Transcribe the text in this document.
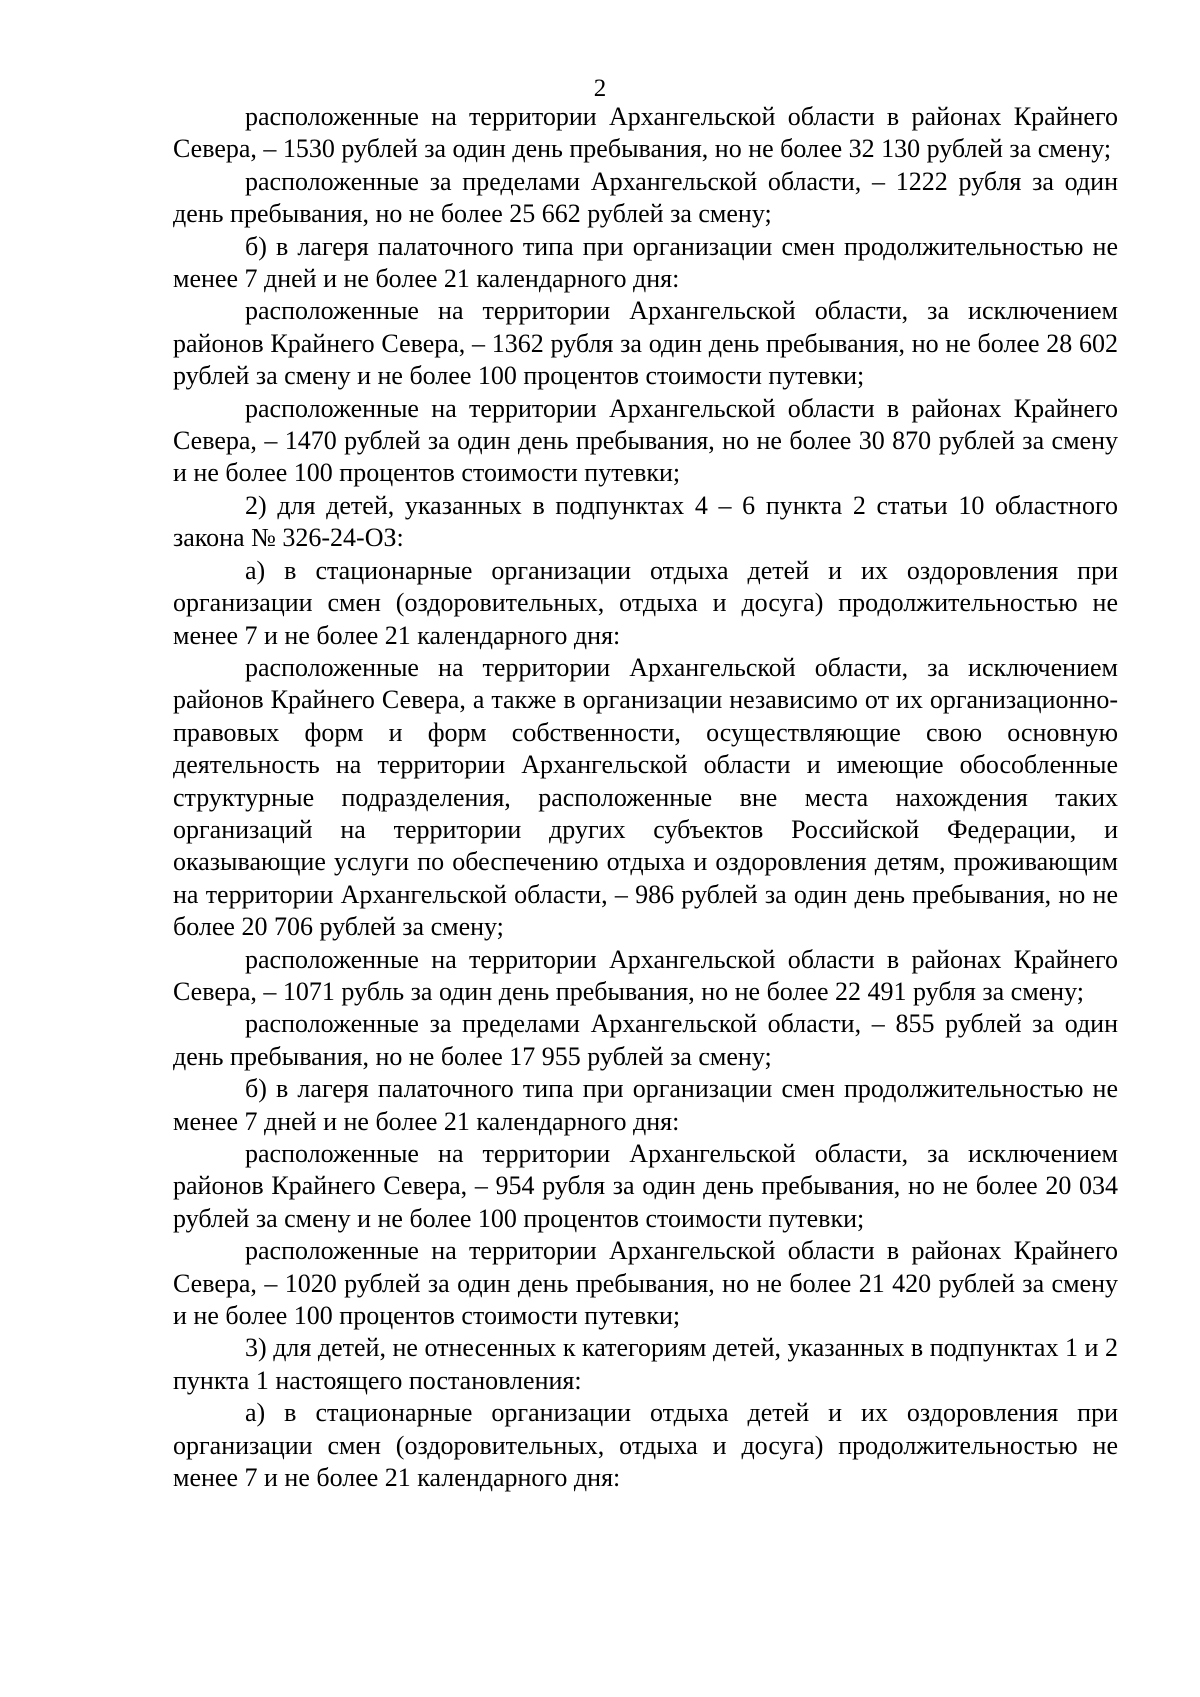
2

расположенные на территории Архангельской области в районах Крайнего Севера, – 1530 рублей за один день пребывания, но не более 32 130 рублей за смену;

расположенные за пределами Архангельской области, – 1222 рубля за один день пребывания, но не более 25 662 рублей за смену;

б) в лагеря палаточного типа при организации смен продолжительностью не менее 7 дней и не более 21 календарного дня:

расположенные на территории Архангельской области, за исключением районов Крайнего Севера, – 1362 рубля за один день пребывания, но не более 28 602 рублей за смену и не более 100 процентов стоимости путевки;

расположенные на территории Архангельской области в районах Крайнего Севера, – 1470 рублей за один день пребывания, но не более 30 870 рублей за смену и не более 100 процентов стоимости путевки;

2) для детей, указанных в подпунктах 4 – 6 пункта 2 статьи 10 областного закона № 326-24-ОЗ:

а) в стационарные организации отдыха детей и их оздоровления при организации смен (оздоровительных, отдыха и досуга) продолжительностью не менее 7 и не более 21 календарного дня:

расположенные на территории Архангельской области, за исключением районов Крайнего Севера, а также в организации независимо от их организационно-правовых форм и форм собственности, осуществляющие свою основную деятельность на территории Архангельской области и имеющие обособленные структурные подразделения, расположенные вне места нахождения таких организаций на территории других субъектов Российской Федерации, и оказывающие услуги по обеспечению отдыха и оздоровления детям, проживающим на территории Архангельской области, – 986 рублей за один день пребывания, но не более 20 706 рублей за смену;

расположенные на территории Архангельской области в районах Крайнего Севера, – 1071 рубль за один день пребывания, но не более 22 491 рубля за смену;

расположенные за пределами Архангельской области, – 855 рублей за один день пребывания, но не более 17 955 рублей за смену;

б) в лагеря палаточного типа при организации смен продолжительностью не менее 7 дней и не более 21 календарного дня:

расположенные на территории Архангельской области, за исключением районов Крайнего Севера, – 954 рубля за один день пребывания, но не более 20 034 рублей за смену и не более 100 процентов стоимости путевки;

расположенные на территории Архангельской области в районах Крайнего Севера, – 1020 рублей за один день пребывания, но не более 21 420 рублей за смену и не более 100 процентов стоимости путевки;

3) для детей, не отнесенных к категориям детей, указанных в подпунктах 1 и 2 пункта 1 настоящего постановления:

а) в стационарные организации отдыха детей и их оздоровления при организации смен (оздоровительных, отдыха и досуга) продолжительностью не менее 7 и не более 21 календарного дня:
